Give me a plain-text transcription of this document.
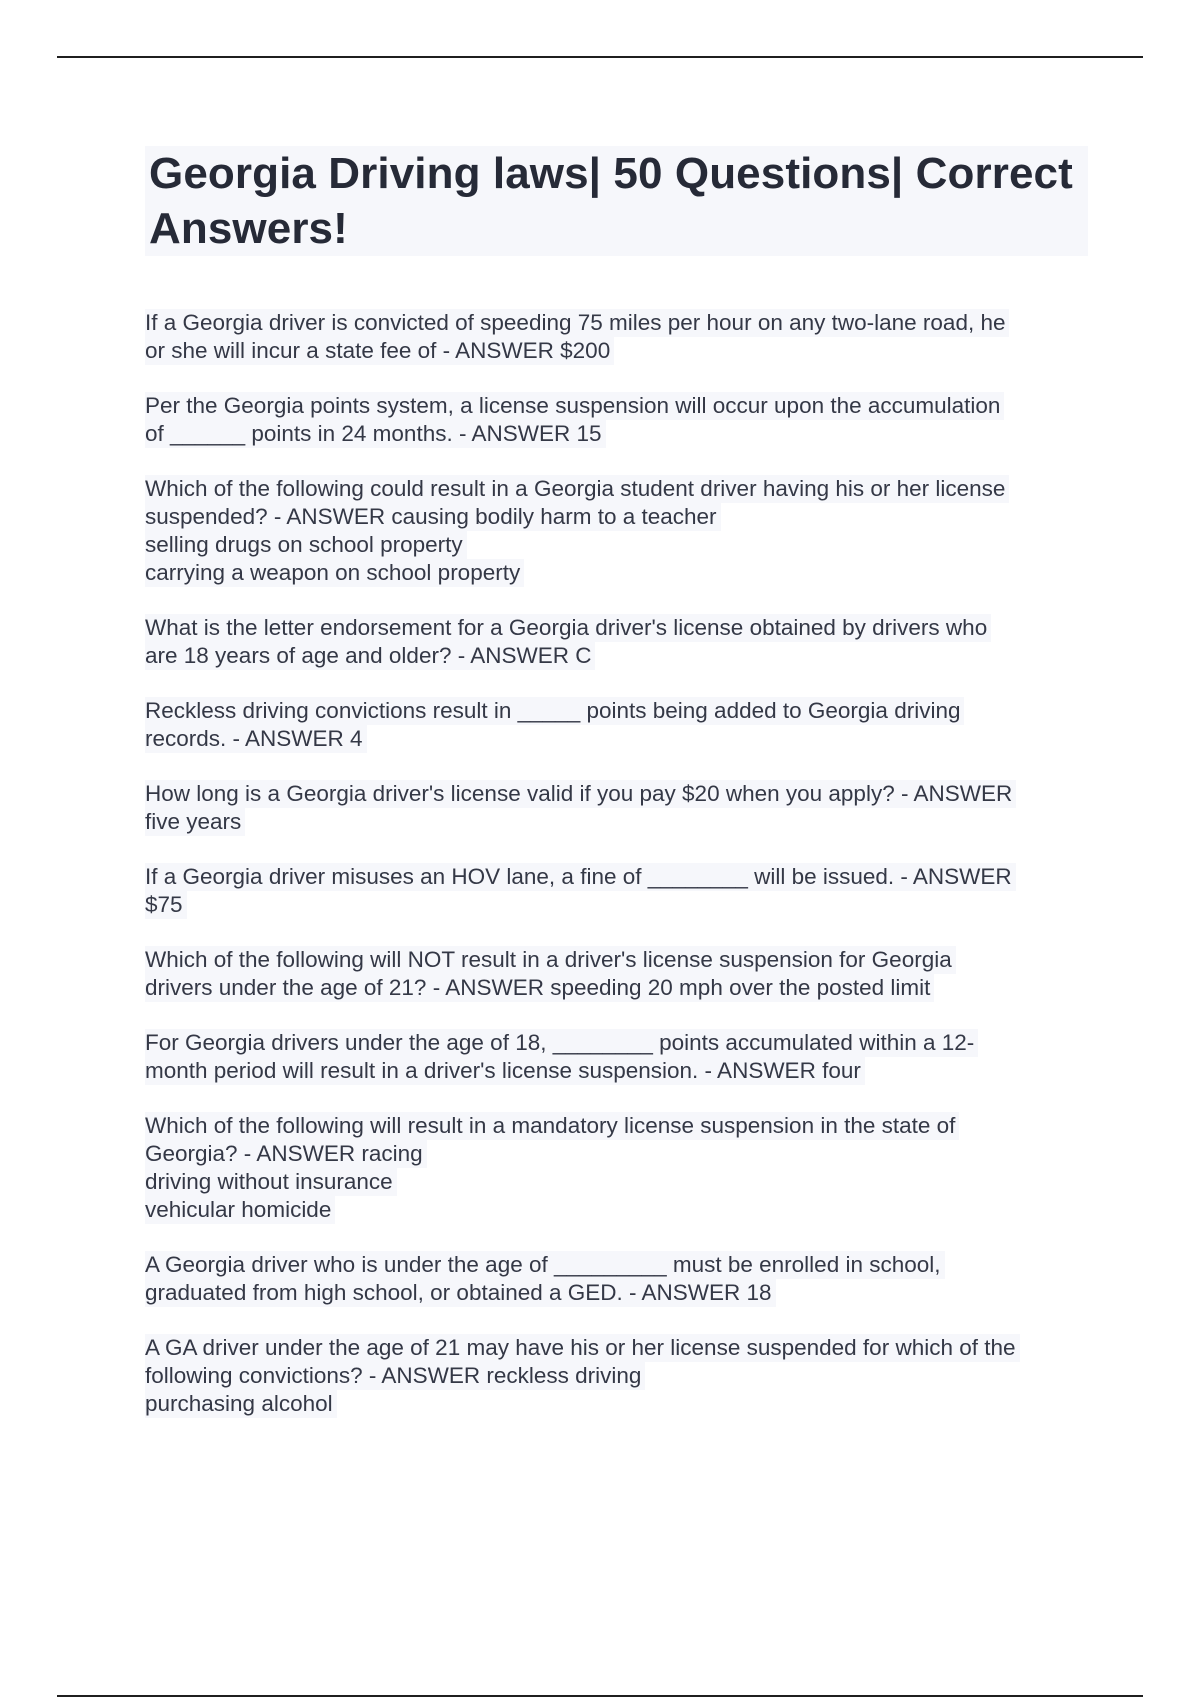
Georgia Driving laws| 50 Questions| Correct Answers!
If a Georgia driver is convicted of speeding 75 miles per hour on any two-lane road, he
or she will incur a state fee of - ANSWER $200
Per the Georgia points system, a license suspension will occur upon the accumulation
of ______ points in 24 months. - ANSWER 15
Which of the following could result in a Georgia student driver having his or her license
suspended? - ANSWER causing bodily harm to a teacher
selling drugs on school property
carrying a weapon on school property
What is the letter endorsement for a Georgia driver's license obtained by drivers who
are 18 years of age and older? - ANSWER C
Reckless driving convictions result in _____ points being added to Georgia driving
records. - ANSWER 4
How long is a Georgia driver's license valid if you pay $20 when you apply? - ANSWER
five years
If a Georgia driver misuses an HOV lane, a fine of ________ will be issued. - ANSWER
$75
Which of the following will NOT result in a driver's license suspension for Georgia
drivers under the age of 21? - ANSWER speeding 20 mph over the posted limit
For Georgia drivers under the age of 18, ________ points accumulated within a 12-
month period will result in a driver's license suspension. - ANSWER four
Which of the following will result in a mandatory license suspension in the state of
Georgia? - ANSWER racing
driving without insurance
vehicular homicide
A Georgia driver who is under the age of _________ must be enrolled in school,
graduated from high school, or obtained a GED. - ANSWER 18
A GA driver under the age of 21 may have his or her license suspended for which of the
following convictions? - ANSWER reckless driving
purchasing alcohol
